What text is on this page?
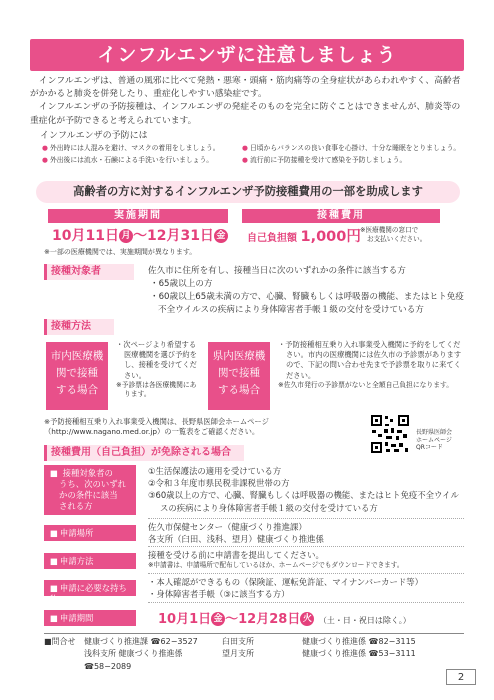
インフルエンザに注意しましょう

インフルエンザは、普通の風邪に比べて発熱・悪寒・頭痛・筋肉痛等の全身症状があらわれやすく、高齢者がかかると肺炎を併発したり、重症化しやすい感染症です。

インフルエンザの予防接種は、インフルエンザの発症そのものを完全に防ぐことはできませんが、肺炎等の重症化が予防できると考えられています。

インフルエンザの予防には
● 外出時には人混みを避け、マスクの着用をしましょう。	● 日頃からバランスの良い食事を心掛け、十分な睡眠をとりましょう。
● 外出後には流水・石鹸による手洗いを行いましょう。	● 流行前に予防接種を受けて感染を予防しましょう。
高齢者の方に対するインフルエンザ予防接種費用の一部を助成します
実施期間
10月11日 月 〜12月31日 金
接種費用
自己負担額 1,000円 ※医療機関の窓口で
お支払いください。
※一部の医療機関では、実施期間が異なります。
接種対象者	佐久市に住所を有し、接種当日に次のいずれかの条件に該当する方
・65歳以上の方
・60歳以上65歳未満の方で、心臓、腎臓もしくは呼吸器の機能、またはヒト免疫不全ウイルスの疾病により身体障害者手帳１級の交付を受けている方
接種方法
市内医療機
関で接種
する場合
・次ページより希望する医療機関を選び予約をし、接種を受けてください。
※予診票は各医療機関にあります。
県内医療機
関で接種
する場合
・予防接種相互乗り入れ事業受入機関に予約をしてください。市内の医療機関には佐久市の予診票がありますので、下記の問い合わせ先まで予診票を取りに来てください。
※佐久市発行の予診票がないと全額自己負担になります。
※予防接種相互乗り入れ事業受入機関は、長野県医師会ホームページ（http://www.nagano.med.or.jp）の一覧表をご確認ください。	長野県医師会
ホームページ
QRコード
接種費用（自己負担）が免除される場合
■ 接種対象者の
うち、次のいずれ
かの条件に該当
される方
①生活保護法の適用を受けている方
②令和３年度市県民税非課税世帯の方
③60歳以上の方で、心臓、腎臓もしくは呼吸器の機能、またはヒト免疫不全ウイルスの疾病により身体障害者手帳１級の交付を受けている方
■ 申請場所
佐久市保健センター（健康づくり推進課）
各支所（臼田、浅科、望月）健康づくり推進係
■ 申請方法
接種を受ける前に申請書を提出してください。
※申請書は、申請場所で配布しているほか、ホームページでもダウンロードできます。
■ 申請に必要な持ち物
・本人確認ができるもの（保険証、運転免許証、マイナンバーカード等）
・身体障害者手帳（③に該当する方）
■ 申請期間	10月1日 金 〜12月28日 火 （土・日・祝日は除く。）
■問合せ	健康づくり推進課 ☎62−3527	臼田支所	健康づくり推進係 ☎82−3115
浅科支所 健康づくり推進係 ☎58−2089
望月支所	健康づくり推進係 ☎53−3111
2
